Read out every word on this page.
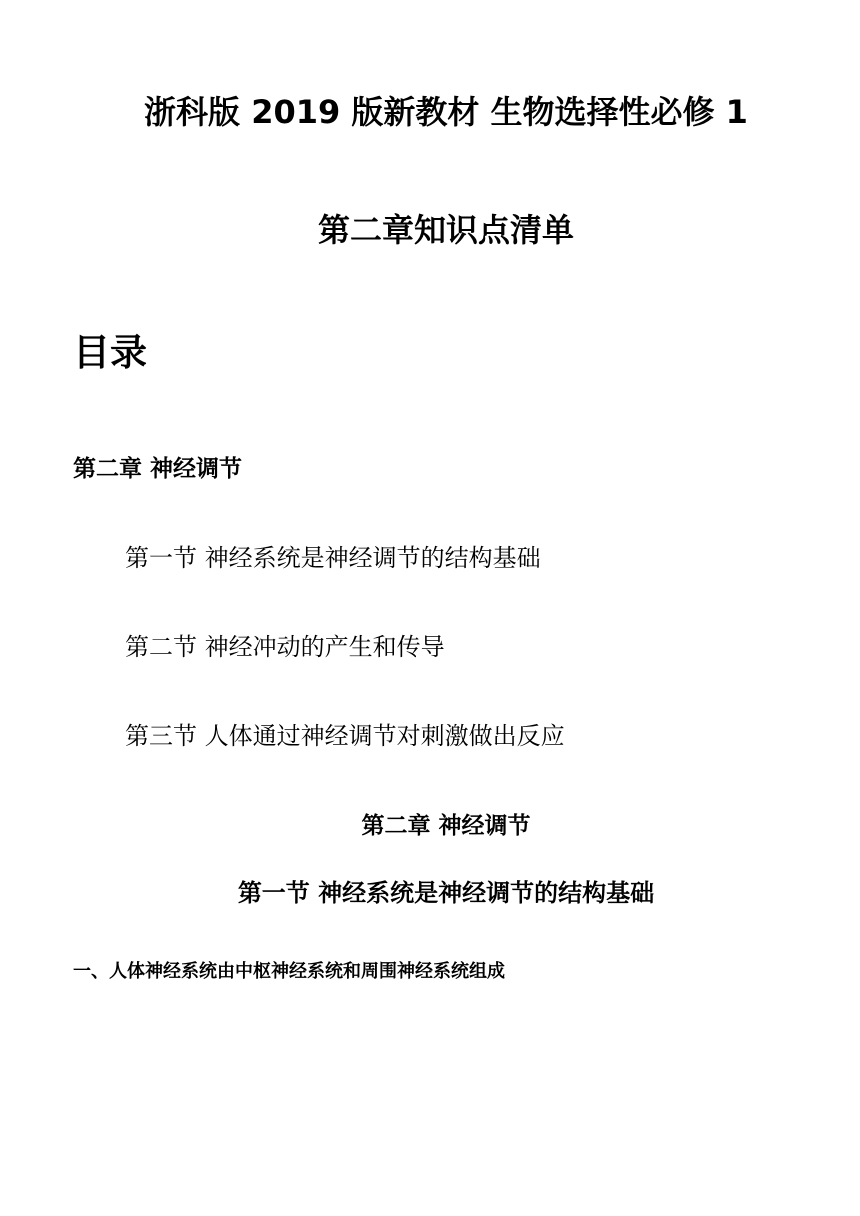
浙科版 2019 版新教材 生物选择性必修 1
第二章知识点清单
目录
第二章 神经调节
第一节 神经系统是神经调节的结构基础
第二节 神经冲动的产生和传导
第三节 人体通过神经调节对刺激做出反应
第二章 神经调节
第一节 神经系统是神经调节的结构基础

一、人体神经系统由中枢神经系统和周围神经系统组成
